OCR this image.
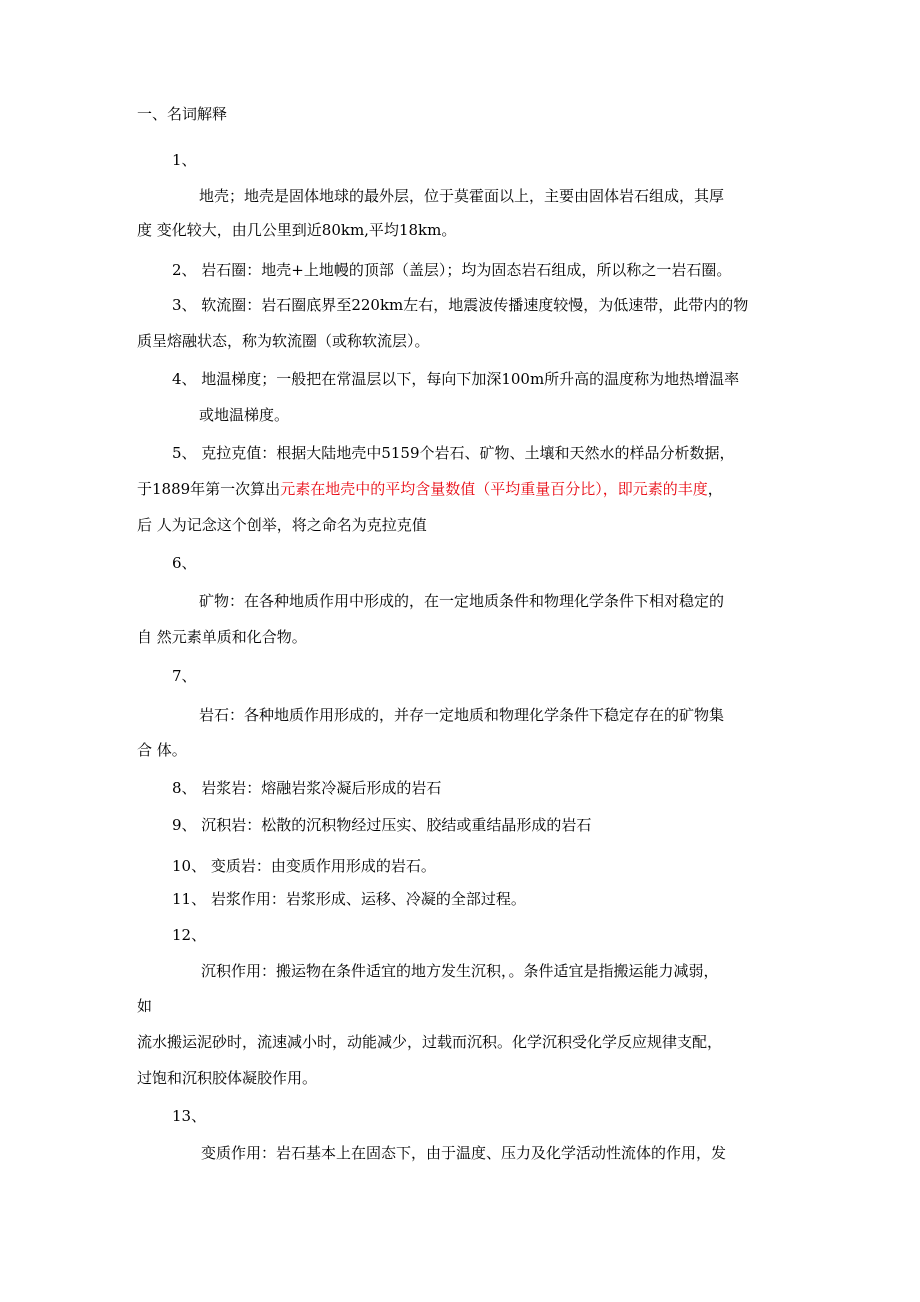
一、名词解释
1、
地壳；地壳是固体地球的最外层，位于莫霍面以上，主要由固体岩石组成，其厚
度 变化较大，由几公里到近80km,平均18km。
2、 岩石圈：地壳+上地幔的顶部（盖层）；均为固态岩石组成，所以称之一岩石圈。
3、 软流圈：岩石圈底界至220km左右，地震波传播速度较慢，为低速带，此带内的物
质呈熔融状态，称为软流圈（或称软流层）。
4、 地温梯度；一般把在常温层以下，每向下加深100m所升高的温度称为地热增温率
或地温梯度。
5、 克拉克值：根据大陆地壳中5159个岩石、矿物、土壤和天然水的样品分析数据，
于1889年第一次算出元素在地壳中的平均含量数值（平均重量百分比），即元素的丰度，
后 人为记念这个创举，将之命名为克拉克值
6、
矿物：在各种地质作用中形成的，在一定地质条件和物理化学条件下相对稳定的
自 然元素单质和化合物。
7、
岩石：各种地质作用形成的，并存一定地质和物理化学条件下稳定存在的矿物集
合 体。
8、 岩浆岩：熔融岩浆冷凝后形成的岩石
9、 沉积岩：松散的沉积物经过压实、胶结或重结晶形成的岩石
10、 变质岩：由变质作用形成的岩石。
11、 岩浆作用：岩浆形成、运移、冷凝的全部过程。
12、
沉积作用：搬运物在条件适宜的地方发生沉积，。条件适宜是指搬运能力减弱，
如
流水搬运泥砂时，流速减小时，动能减少，过载而沉积。化学沉积受化学反应规律支配，
过饱和沉积胶体凝胶作用。
13、
变质作用：岩石基本上在固态下，由于温度、压力及化学活动性流体的作用，发
